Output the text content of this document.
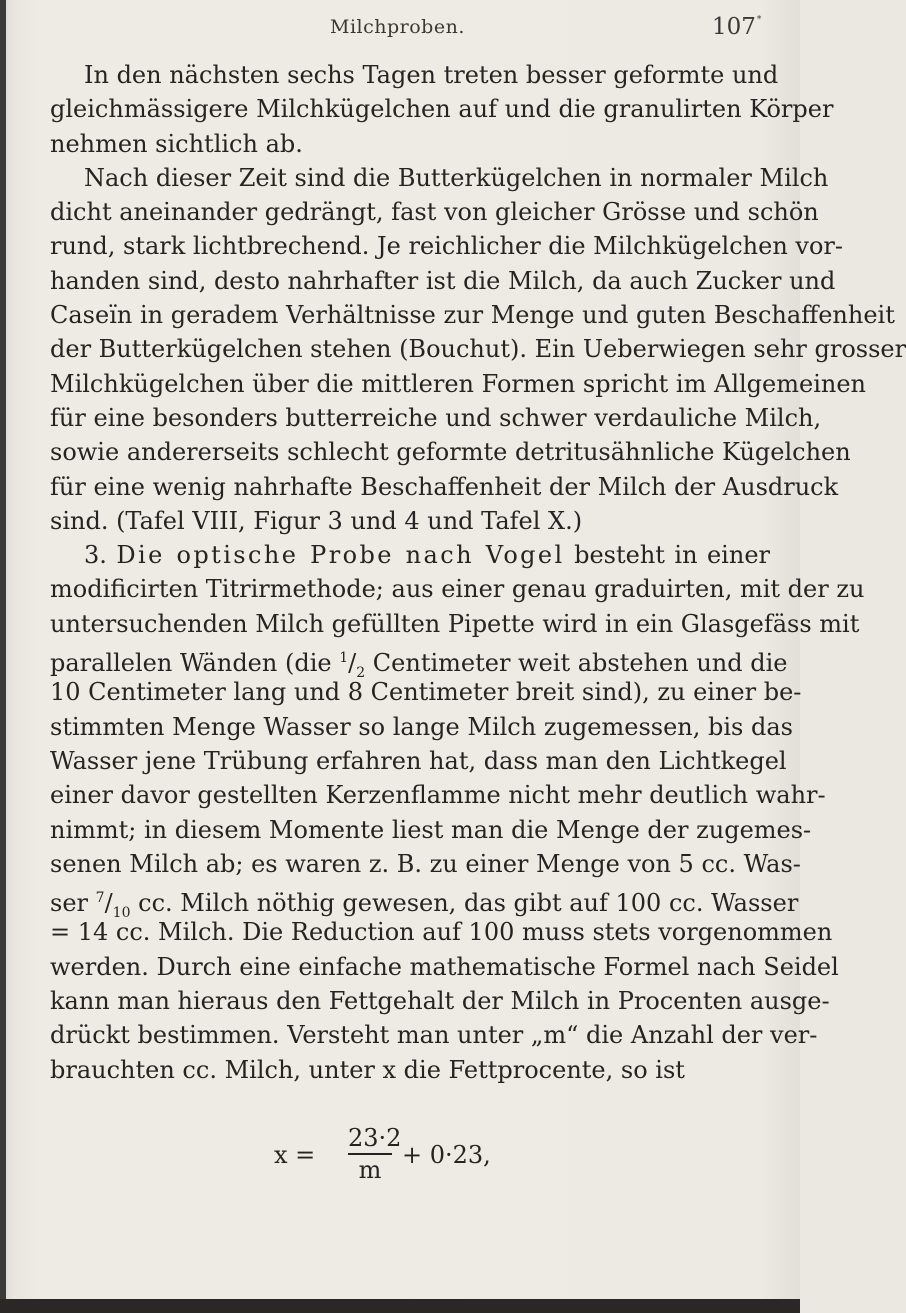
Milchproben.	107*
In den nächsten sechs Tagen treten besser geformte und
gleichmässigere Milchkügelchen auf und die granulirten Körper
nehmen sichtlich ab.
Nach dieser Zeit sind die Butterkügelchen in normaler Milch
dicht aneinander gedrängt, fast von gleicher Grösse und schön
rund, stark lichtbrechend. Je reichlicher die Milchkügelchen vor-
handen sind, desto nahrhafter ist die Milch, da auch Zucker und
Caseïn in geradem Verhältnisse zur Menge und guten Beschaffenheit
der Butterkügelchen stehen (Bouchut). Ein Ueberwiegen sehr grosser
Milchkügelchen über die mittleren Formen spricht im Allgemeinen
für eine besonders butterreiche und schwer verdauliche Milch,
sowie andererseits schlecht geformte detritusähnliche Kügelchen
für eine wenig nahrhafte Beschaffenheit der Milch der Ausdruck
sind. (Tafel VIII, Figur 3 und 4 und Tafel X.)
3. Die optische Probe nach Vogel besteht in einer
modificirten Titrirmethode; aus einer genau graduirten, mit der zu
untersuchenden Milch gefüllten Pipette wird in ein Glasgefäss mit
parallelen Wänden (die $^1/_2$ Centimeter weit abstehen und die
10 Centimeter lang und 8 Centimeter breit sind), zu einer be-
stimmten Menge Wasser so lange Milch zugemessen, bis das
Wasser jene Trübung erfahren hat, dass man den Lichtkegel
einer davor gestellten Kerzenflamme nicht mehr deutlich wahr-
nimmt; in diesem Momente liest man die Menge der zugemes-
senen Milch ab; es waren z. B. zu einer Menge von 5 cc. Was-
ser $^7/_{10}$ cc. Milch nöthig gewesen, das gibt auf 100 cc. Wasser
= 14 cc. Milch. Die Reduction auf 100 muss stets vorgenommen
werden. Durch eine einfache mathematische Formel nach Seidel
kann man hieraus den Fettgehalt der Milch in Procenten ausge-
drückt bestimmen. Versteht man unter „m“ die Anzahl der ver-
brauchten cc. Milch, unter x die Fettprocente, so ist
x =
23·2
m
+ 0·23,
